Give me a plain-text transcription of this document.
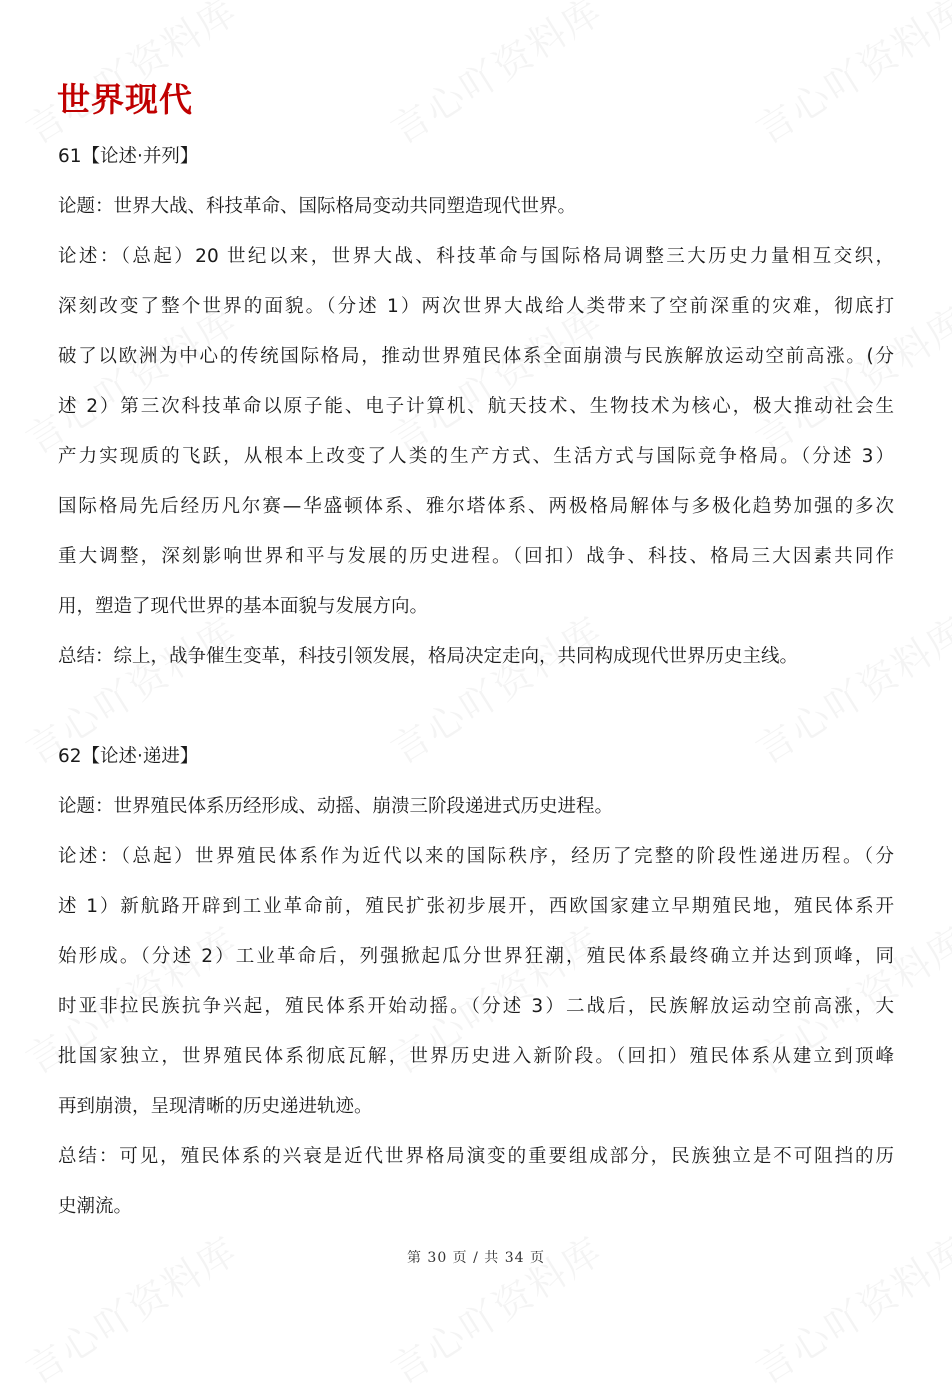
世界现代
61【论述·并列】
论题：世界大战、科技革命、国际格局变动共同塑造现代世界。
论述：（总起）20 世纪以来，世界大战、科技革命与国际格局调整三大历史力量相互交织，
深刻改变了整个世界的面貌。（分述 1）两次世界大战给人类带来了空前深重的灾难，彻底打
破了以欧洲为中心的传统国际格局，推动世界殖民体系全面崩溃与民族解放运动空前高涨。(分
述 2）第三次科技革命以原子能、电子计算机、航天技术、生物技术为核心，极大推动社会生
产力实现质的飞跃，从根本上改变了人类的生产方式、生活方式与国际竞争格局。（分述 3）
国际格局先后经历凡尔赛—华盛顿体系、雅尔塔体系、两极格局解体与多极化趋势加强的多次
重大调整，深刻影响世界和平与发展的历史进程。（回扣）战争、科技、格局三大因素共同作
用，塑造了现代世界的基本面貌与发展方向。
总结：综上，战争催生变革，科技引领发展，格局决定走向，共同构成现代世界历史主线。
62【论述·递进】
论题：世界殖民体系历经形成、动摇、崩溃三阶段递进式历史进程。
论述：（总起）世界殖民体系作为近代以来的国际秩序，经历了完整的阶段性递进历程。（分
述 1）新航路开辟到工业革命前，殖民扩张初步展开，西欧国家建立早期殖民地，殖民体系开
始形成。（分述 2）工业革命后，列强掀起瓜分世界狂潮，殖民体系最终确立并达到顶峰，同
时亚非拉民族抗争兴起，殖民体系开始动摇。（分述 3）二战后，民族解放运动空前高涨，大
批国家独立，世界殖民体系彻底瓦解，世界历史进入新阶段。（回扣）殖民体系从建立到顶峰
再到崩溃，呈现清晰的历史递进轨迹。
总结：可见，殖民体系的兴衰是近代世界格局演变的重要组成部分，民族独立是不可阻挡的历
史潮流。
第 30 页 / 共 34 页
